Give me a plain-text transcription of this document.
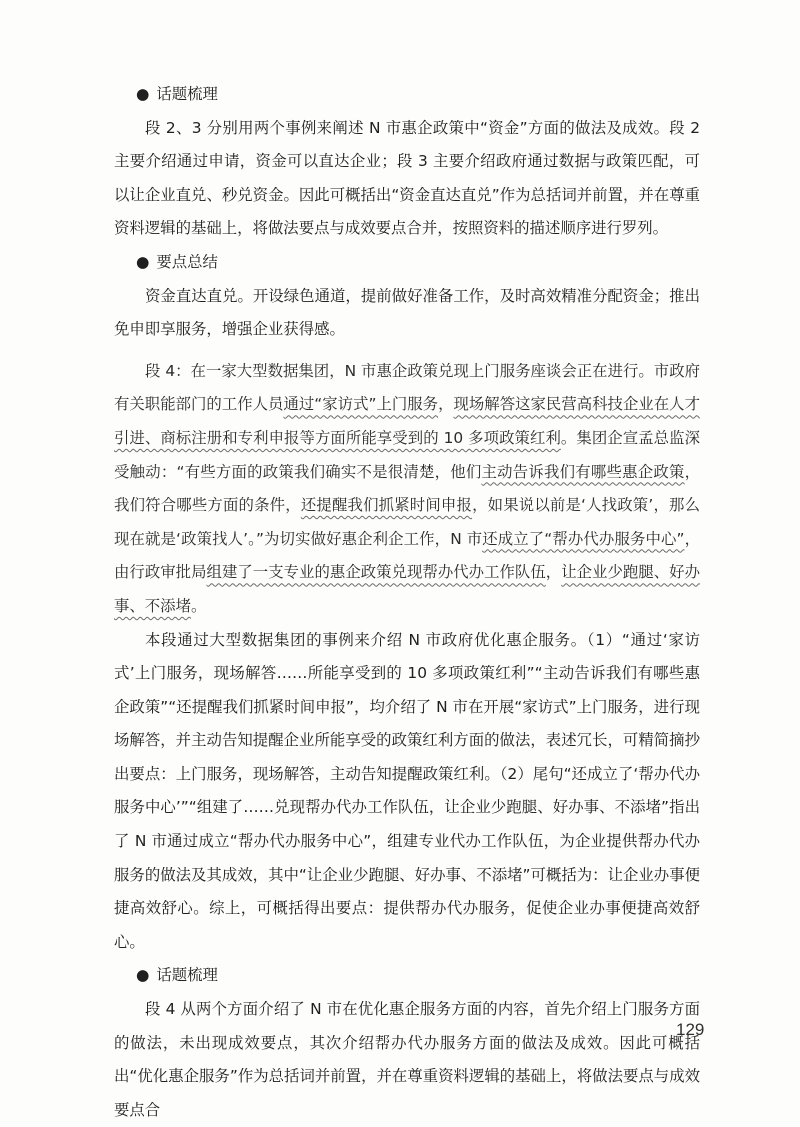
● 话题梳理

段 2、3 分别用两个事例来阐述 N 市惠企政策中“资金”方面的做法及成效。段 2 主要介绍通过申请，资金可以直达企业；段 3 主要介绍政府通过数据与政策匹配，可以让企业直兑、秒兑资金。因此可概括出“资金直达直兑”作为总括词并前置，并在尊重资料逻辑的基础上，将做法要点与成效要点合并，按照资料的描述顺序进行罗列。

● 要点总结

资金直达直兑。开设绿色通道，提前做好准备工作，及时高效精准分配资金；推出免申即享服务，增强企业获得感。

段 4：在一家大型数据集团，N 市惠企政策兑现上门服务座谈会正在进行。市政府有关职能部门的工作人员通过“家访式”上门服务，现场解答这家民营高科技企业在人才引进、商标注册和专利申报等方面所能享受到的 10 多项政策红利。集团企宣孟总监深受触动：“有些方面的政策我们确实不是很清楚，他们主动告诉我们有哪些惠企政策，我们符合哪些方面的条件，还提醒我们抓紧时间申报，如果说以前是‘人找政策’，那么现在就是‘政策找人’。”为切实做好惠企利企工作，N 市还成立了“帮办代办服务中心”，由行政审批局组建了一支专业的惠企政策兑现帮办代办工作队伍，让企业少跑腿、好办事、不添堵。

本段通过大型数据集团的事例来介绍 N 市政府优化惠企服务。（1）“通过‘家访式’上门服务，现场解答……所能享受到的 10 多项政策红利”“主动告诉我们有哪些惠企政策”“还提醒我们抓紧时间申报”，均介绍了 N 市在开展“家访式”上门服务，进行现场解答，并主动告知提醒企业所能享受的政策红利方面的做法，表述冗长，可精简摘抄出要点：上门服务，现场解答，主动告知提醒政策红利。（2）尾句“还成立了‘帮办代办服务中心’”“组建了……兑现帮办代办工作队伍，让企业少跑腿、好办事、不添堵”指出了 N 市通过成立“帮办代办服务中心”，组建专业代办工作队伍，为企业提供帮办代办服务的做法及其成效，其中“让企业少跑腿、好办事、不添堵”可概括为：让企业办事便捷高效舒心。综上，可概括得出要点：提供帮办代办服务，促使企业办事便捷高效舒心。

● 话题梳理

段 4 从两个方面介绍了 N 市在优化惠企服务方面的内容，首先介绍上门服务方面的做法，未出现成效要点，其次介绍帮办代办服务方面的做法及成效。因此可概括出“优化惠企服务”作为总括词并前置，并在尊重资料逻辑的基础上，将做法要点与成效要点合

129
